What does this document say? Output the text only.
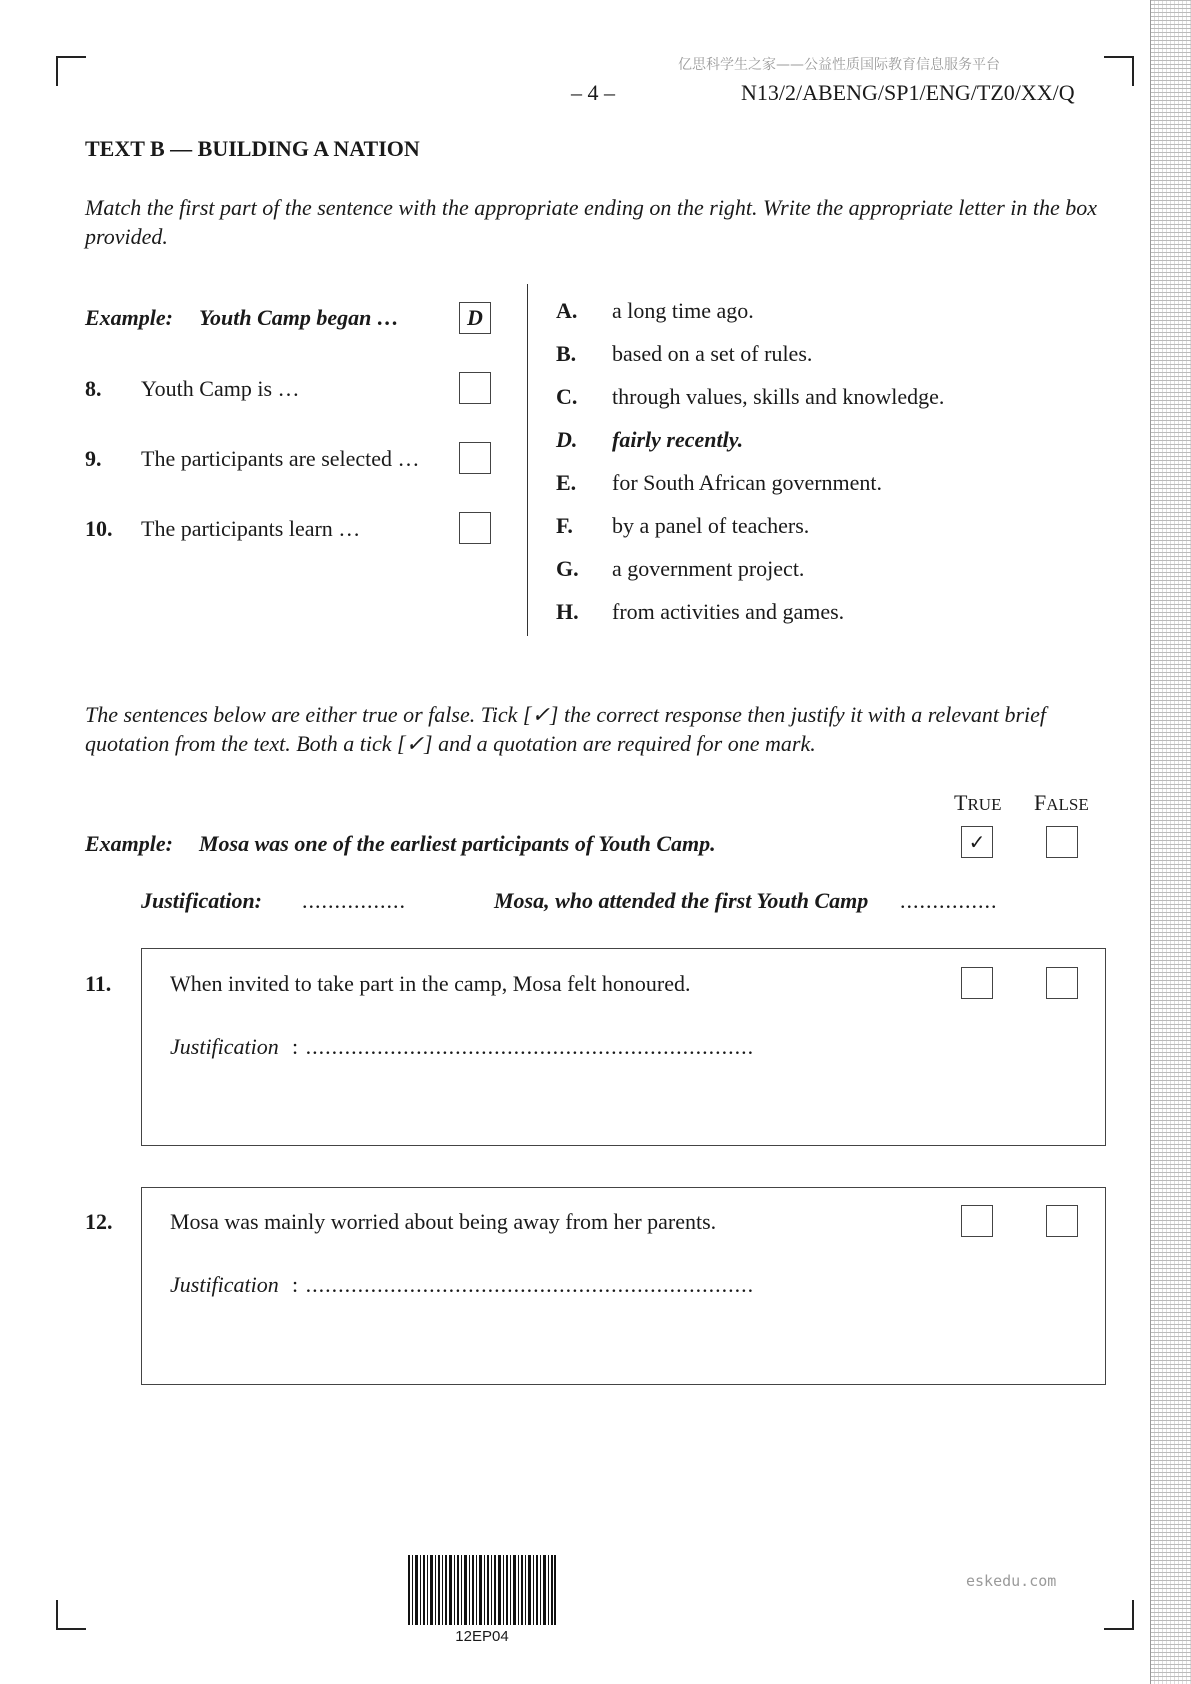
亿思科学生之家——公益性质国际教育信息服务平台
– 4 –	N13/2/ABENG/SP1/ENG/TZ0/XX/Q
TEXT B — BUILDING A NATION
Match the first part of the sentence with the appropriate ending on the right. Write the appropriate letter in the box provided.
Example: Youth Camp began …	D
8. Youth Camp is …
9. The participants are selected …
10. The participants learn …
A. a long time ago.
B. based on a set of rules.
C. through values, skills and knowledge.
D. fairly recently.
E. for South African government.
F. by a panel of teachers.
G. a government project.
H. from activities and games.
The sentences below are either true or false. Tick [✓] the correct response then justify it with a relevant brief quotation from the text. Both a tick [✓] and a quotation are required for one mark.
TRUE FALSE
Example: Mosa was one of the earliest participants of Youth Camp.	✓
Justification: ................	Mosa, who attended the first Youth Camp ...............
11.	When invited to take part in the camp, Mosa felt honoured.
Justification : .....................................................................
12.	Mosa was mainly worried about being away from her parents.
Justification : .....................................................................
12EP04
eskedu.com
